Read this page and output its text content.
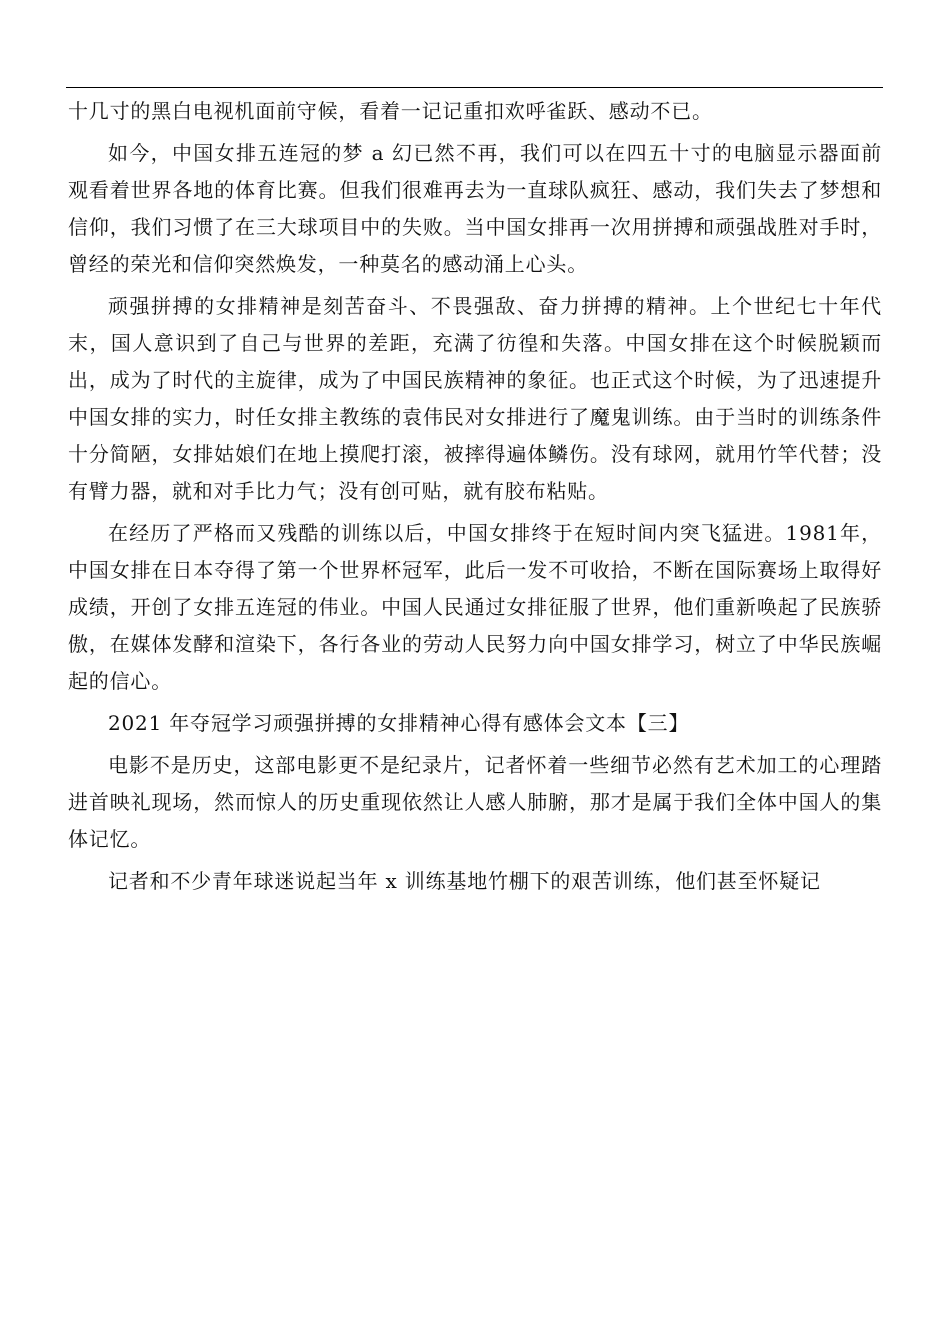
十几寸的黑白电视机面前守候，看着一记记重扣欢呼雀跃、感动不已。

如今，中国女排五连冠的梦 a 幻已然不再，我们可以在四五十寸的电脑显示器面前观看着世界各地的体育比赛。但我们很难再去为一直球队疯狂、感动，我们失去了梦想和信仰，我们习惯了在三大球项目中的失败。当中国女排再一次用拼搏和顽强战胜对手时，曾经的荣光和信仰突然焕发，一种莫名的感动涌上心头。

顽强拼搏的女排精神是刻苦奋斗、不畏强敌、奋力拼搏的精神。上个世纪七十年代末，国人意识到了自己与世界的差距，充满了彷徨和失落。中国女排在这个时候脱颖而出，成为了时代的主旋律，成为了中国民族精神的象征。也正式这个时候，为了迅速提升中国女排的实力，时任女排主教练的袁伟民对女排进行了魔鬼训练。由于当时的训练条件十分简陋，女排姑娘们在地上摸爬打滚，被摔得遍体鳞伤。没有球网，就用竹竿代替；没有臂力器，就和对手比力气；没有创可贴，就有胶布粘贴。

在经历了严格而又残酷的训练以后，中国女排终于在短时间内突飞猛进。1981年，中国女排在日本夺得了第一个世界杯冠军，此后一发不可收拾，不断在国际赛场上取得好成绩，开创了女排五连冠的伟业。中国人民通过女排征服了世界，他们重新唤起了民族骄傲，在媒体发酵和渲染下，各行各业的劳动人民努力向中国女排学习，树立了中华民族崛起的信心。

2021 年夺冠学习顽强拼搏的女排精神心得有感体会文本【三】

电影不是历史，这部电影更不是纪录片，记者怀着一些细节必然有艺术加工的心理踏进首映礼现场，然而惊人的历史重现依然让人感人肺腑，那才是属于我们全体中国人的集体记忆。

记者和不少青年球迷说起当年 x 训练基地竹棚下的艰苦训练，他们甚至怀疑记
